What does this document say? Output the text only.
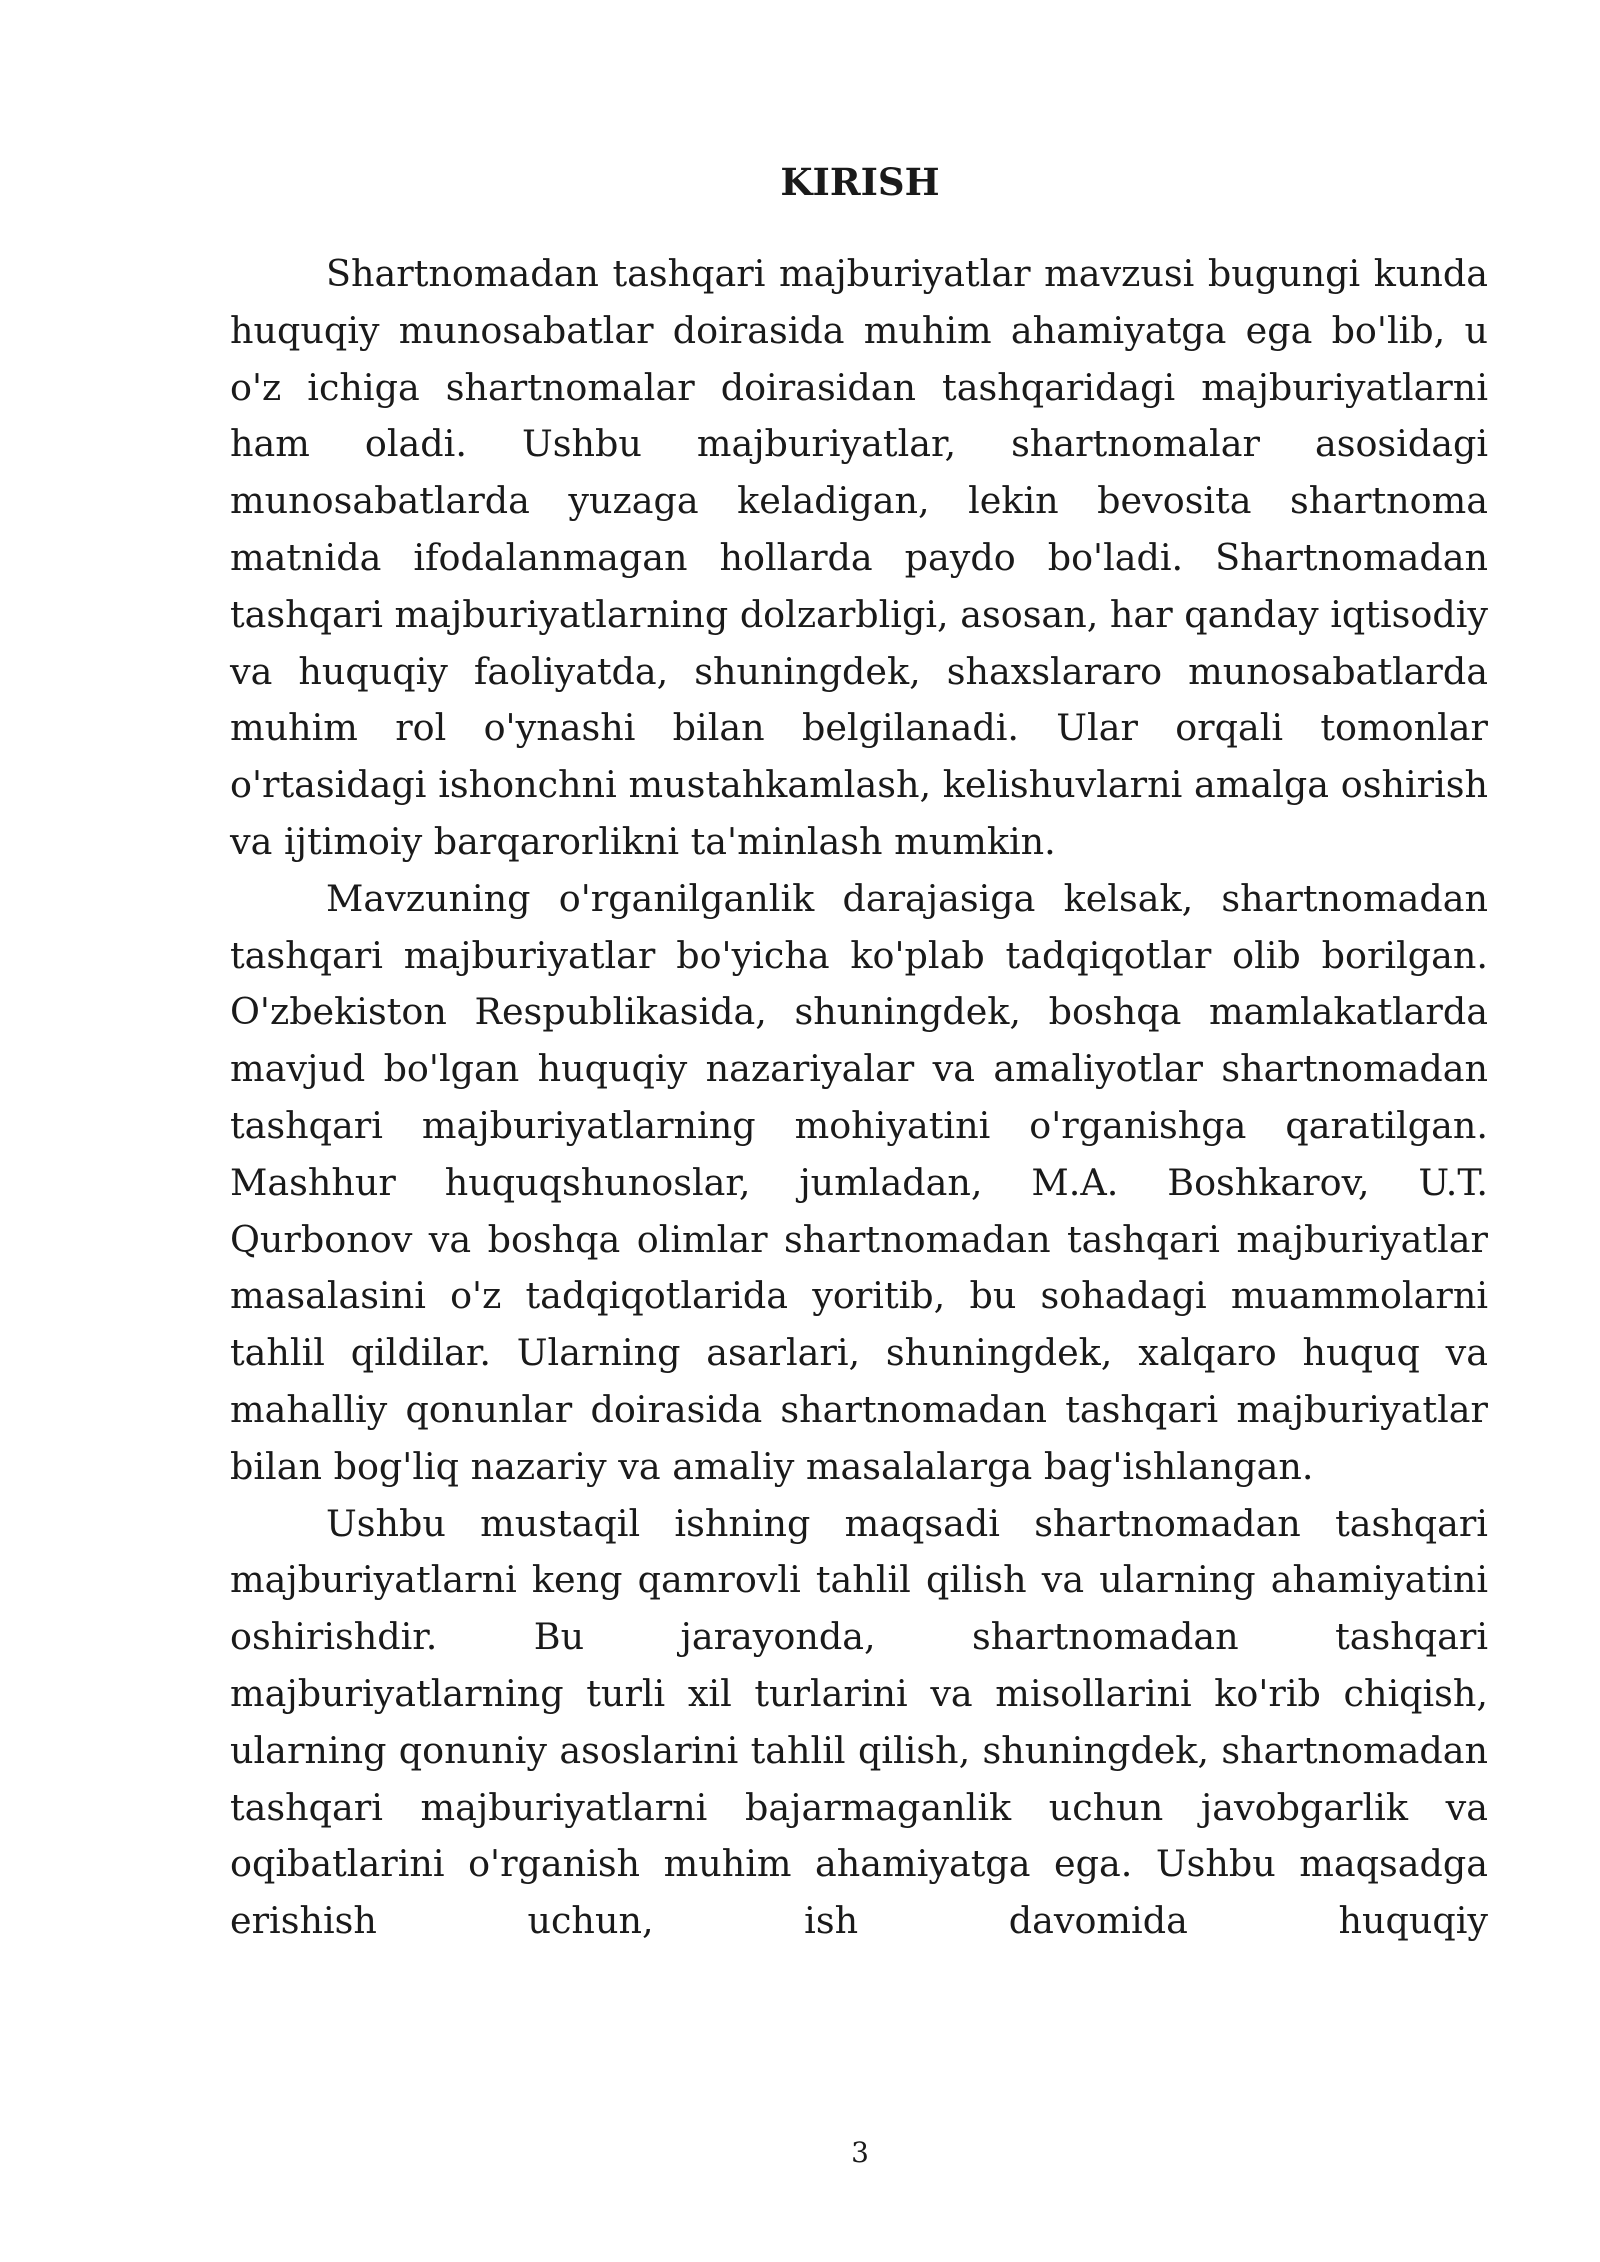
KIRISH

Shartnomadan tashqari majburiyatlar mavzusi bugungi kunda huquqiy munosabatlar doirasida muhim ahamiyatga ega bo'lib, u o'z ichiga shartnomalar doirasidan tashqaridagi majburiyatlarni ham oladi. Ushbu majburiyatlar, shartnomalar asosidagi munosabatlarda yuzaga keladigan, lekin bevosita shartnoma matnida ifodalanmagan hollarda paydo bo'ladi. Shartnomadan tashqari majburiyatlarning dolzarbligi, asosan, har qanday iqtisodiy va huquqiy faoliyatda, shuningdek, shaxslararo munosabatlarda muhim rol o'ynashi bilan belgilanadi. Ular orqali tomonlar o'rtasidagi ishonchni mustahkamlash, kelishuvlarni amalga oshirish va ijtimoiy barqarorlikni ta'minlash mumkin.

Mavzuning o'rganilganlik darajasiga kelsak, shartnomadan tashqari majburiyatlar bo'yicha ko'plab tadqiqotlar olib borilgan. O'zbekiston Respublikasida, shuningdek, boshqa mamlakatlarda mavjud bo'lgan huquqiy nazariyalar va amaliyotlar shartnomadan tashqari majburiyatlarning mohiyatini o'rganishga qaratilgan. Mashhur huquqshunoslar, jumladan, M.A. Boshkarov, U.T. Qurbonov va boshqa olimlar shartnomadan tashqari majburiyatlar masalasini o'z tadqiqotlarida yoritib, bu sohadagi muammolarni tahlil qildilar. Ularning asarlari, shuningdek, xalqaro huquq va mahalliy qonunlar doirasida shartnomadan tashqari majburiyatlar bilan bog'liq nazariy va amaliy masalalarga bag'ishlangan.

Ushbu mustaqil ishning maqsadi shartnomadan tashqari majburiyatlarni keng qamrovli tahlil qilish va ularning ahamiyatini oshirishdir. Bu jarayonda, shartnomadan tashqari majburiyatlarning turli xil turlarini va misollarini ko'rib chiqish, ularning qonuniy asoslarini tahlil qilish, shuningdek, shartnomadan tashqari majburiyatlarni bajarmaganlik uchun javobgarlik va oqibatlarini o'rganish muhim ahamiyatga ega. Ushbu maqsadga erishish uchun, ish davomida huquqiy

3
